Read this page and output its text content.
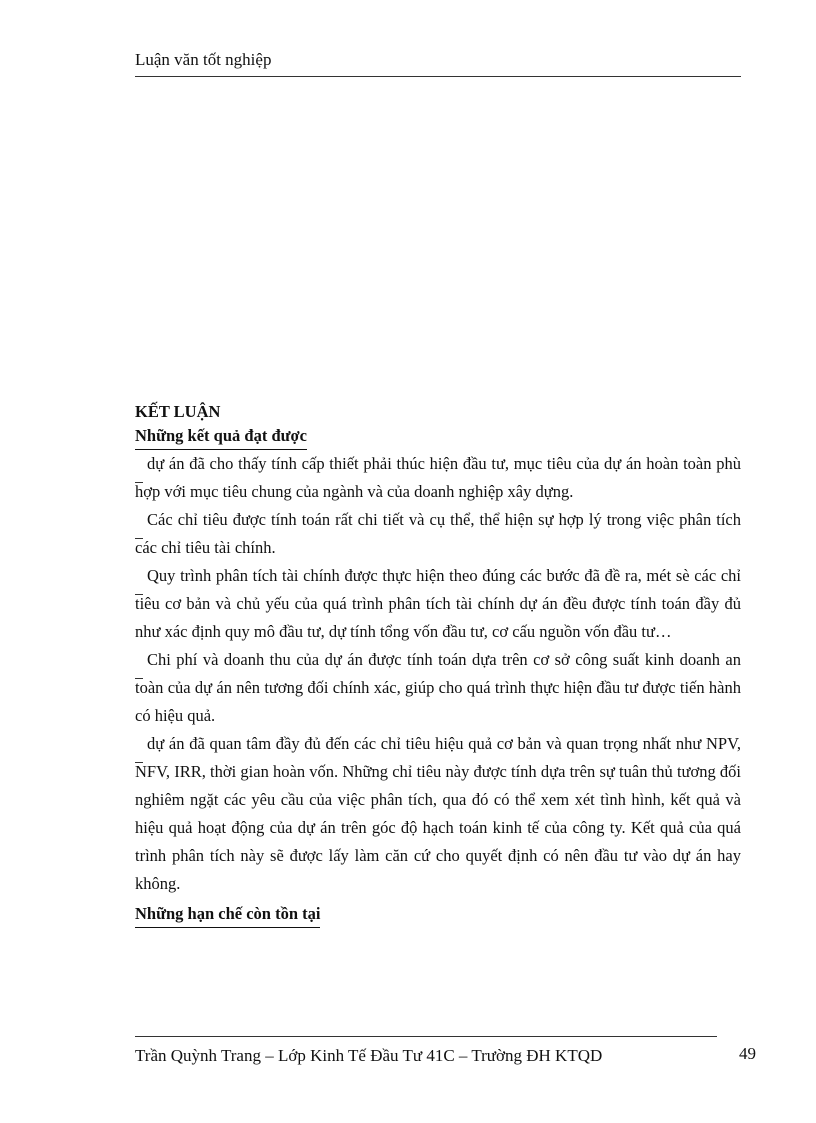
Luận văn tốt nghiệp
KẾT LUẬN
Những kết quả đạt được

dự án đã cho thấy tính cấp thiết phải thúc hiện đầu tư, mục tiêu của dự án hoàn toàn phù hợp với mục tiêu chung của ngành và của doanh nghiệp xây dựng.

Các chỉ tiêu được tính toán rất chi tiết và cụ thể, thể hiện sự hợp lý trong việc phân tích các chỉ tiêu tài chính.

Quy trình phân tích tài chính được thực hiện theo đúng các bước đã đề ra, mét sè các chỉ tiêu cơ bản và chủ yếu của quá trình phân tích tài chính dự án đều được tính toán đầy đủ như xác định quy mô đầu tư, dự tính tổng vốn đầu tư, cơ cấu nguồn vốn đầu tư…

Chi phí và doanh thu của dự án được tính toán dựa trên cơ sở công suất kinh doanh an toàn của dự án nên tương đối chính xác, giúp cho quá trình thực hiện đầu tư được tiến hành có hiệu quả.

dự án đã quan tâm đầy đủ đến các chỉ tiêu hiệu quả cơ bản và quan trọng nhất như NPV, NFV, IRR, thời gian hoàn vốn. Những chỉ tiêu này được tính dựa trên sự tuân thủ tương đối nghiêm ngặt các yêu cầu của việc phân tích, qua đó có thể xem xét tình hình, kết quả và hiệu quả hoạt động của dự án trên góc độ hạch toán kinh tế của công ty. Kết quả của quá trình phân tích này sẽ được lấy làm căn cứ cho quyết định có nên đầu tư vào dự án hay không.

Những hạn chế còn tồn tại
Trần Quỳnh Trang – Lớp Kinh Tế Đầu Tư 41C – Trường ĐH KTQD	49
